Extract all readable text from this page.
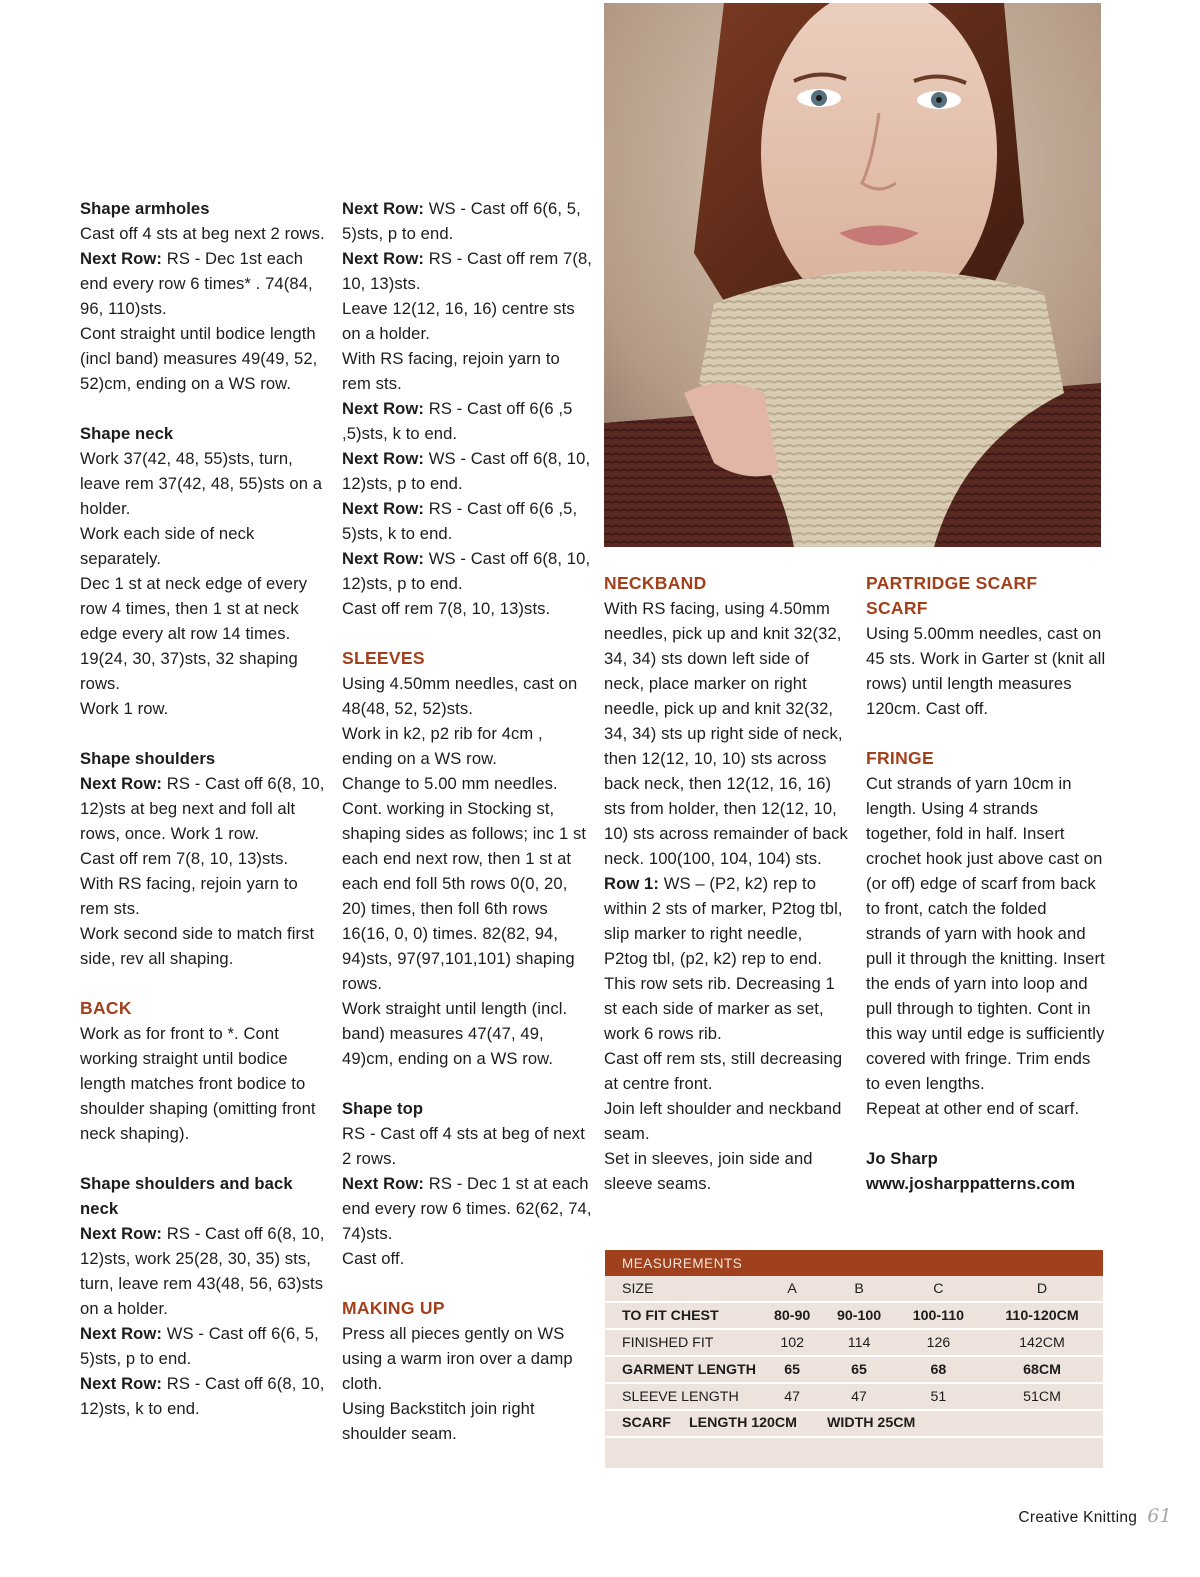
Shape armholes

Cast off 4 sts at beg next 2 rows.

Next Row: RS - Dec 1st each end every row 6 times* . 74(84, 96, 110)sts.

Cont straight until bodice length (incl band) measures 49(49, 52, 52)cm, ending on a WS row.

Shape neck

Work 37(42, 48, 55)sts, turn, leave rem 37(42, 48, 55)sts on a holder.

Work each side of neck separately.

Dec 1 st at neck edge of every row 4 times, then 1 st at neck edge every alt row 14 times. 19(24, 30, 37)sts, 32 shaping rows.

Work 1 row.

Shape shoulders

Next Row: RS - Cast off 6(8, 10, 12)sts at beg next and foll alt rows, once. Work 1 row.

Cast off rem 7(8, 10, 13)sts.

With RS facing, rejoin yarn to rem sts.

Work second side to match first side, rev all shaping.

BACK

Work as for front to *. Cont working straight until bodice length matches front bodice to shoulder shaping (omitting front neck shaping).

Shape shoulders and back neck

Next Row: RS - Cast off 6(8, 10, 12)sts, work 25(28, 30, 35) sts, turn, leave rem 43(48, 56, 63)sts on a holder.

Next Row: WS - Cast off 6(6, 5, 5)sts, p to end.

Next Row: RS - Cast off 6(8, 10, 12)sts, k to end.

Next Row: WS - Cast off 6(6, 5, 5)sts, p to end.

Next Row: RS - Cast off rem 7(8, 10, 13)sts.

Leave 12(12, 16, 16) centre sts on a holder.

With RS facing, rejoin yarn to rem sts.

Next Row: RS - Cast off 6(6 ,5 ,5)sts, k to end.

Next Row: WS - Cast off 6(8, 10, 12)sts, p to end.

Next Row: RS - Cast off 6(6 ,5, 5)sts, k to end.

Next Row: WS - Cast off 6(8, 10, 12)sts, p to end.

Cast off rem 7(8, 10, 13)sts.

SLEEVES

Using 4.50mm needles, cast on 48(48, 52, 52)sts.

Work in k2, p2 rib for 4cm , ending on a WS row.

Change to 5.00 mm needles.

Cont. working in Stocking st, shaping sides as follows; inc 1 st each end next row, then 1 st at each end foll 5th rows 0(0, 20, 20) times, then foll 6th rows 16(16, 0, 0) times. 82(82, 94, 94)sts, 97(97,101,101) shaping rows.

Work straight until length (incl. band) measures 47(47, 49, 49)cm, ending on a WS row.

Shape top

RS - Cast off 4 sts at beg of next 2 rows.

Next Row: RS - Dec 1 st at each end every row 6 times. 62(62, 74, 74)sts.

Cast off.

MAKING UP

Press all pieces gently on WS using a warm iron over a damp cloth.

Using Backstitch join right shoulder seam.

NECKBAND

With RS facing, using 4.50mm needles, pick up and knit 32(32, 34, 34) sts down left side of neck, place marker on right needle, pick up and knit 32(32, 34, 34) sts up right side of neck, then 12(12, 10, 10) sts across back neck, then 12(12, 16, 16) sts from holder, then 12(12, 10, 10) sts across remainder of back neck. 100(100, 104, 104) sts.

Row 1: WS – (P2, k2) rep to within 2 sts of marker, P2tog tbl, slip marker to right needle, P2tog tbl, (p2, k2) rep to end. This row sets rib. Decreasing 1 st each side of marker as set, work 6 rows rib.

Cast off rem sts, still decreasing at centre front.

Join left shoulder and neckband seam.

Set in sleeves, join side and sleeve seams.

PARTRIDGE SCARF

SCARF

Using 5.00mm needles, cast on 45 sts. Work in Garter st (knit all rows) until length measures 120cm. Cast off.

FRINGE

Cut strands of yarn 10cm in length. Using 4 strands together, fold in half. Insert crochet hook just above cast on (or off) edge of scarf from back to front, catch the folded strands of yarn with hook and pull it through the knitting. Insert the ends of yarn into loop and pull through to tighten. Cont in this way until edge is sufficiently covered with fringe. Trim ends to even lengths.

Repeat at other end of scarf.

Jo Sharp

www.josharppatterns.com

MEASUREMENTS
SIZE	A	B	C	D
TO FIT CHEST	80-90	90-100	100-110	110-120CM
FINISHED FIT	102	114	126	142CM
GARMENT LENGTH	65	65	68	68CM
SLEEVE LENGTH	47	47	51	51CM
SCARF LENGTH 120CM WIDTH 25CM
Creative Knitting 61
